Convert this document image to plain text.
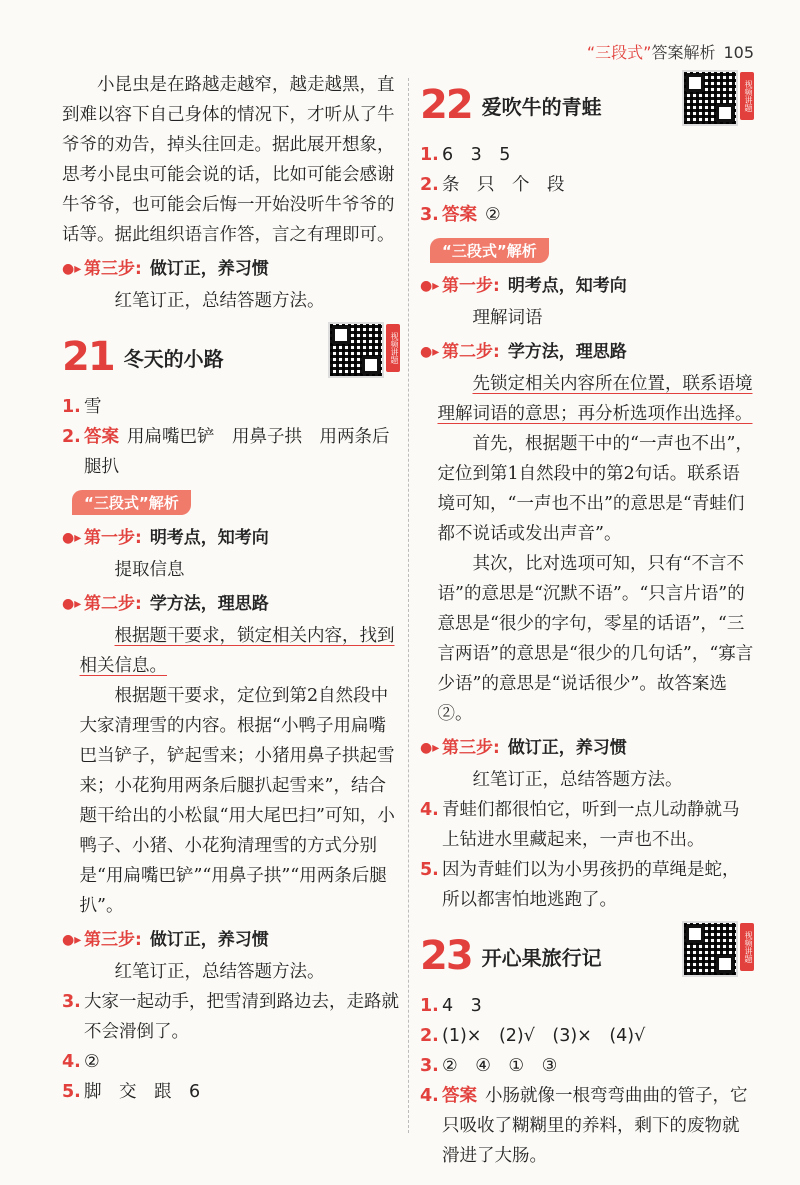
“三段式”答案解析 105

小昆虫是在路越走越窄，越走越黑，直到难以容下自己身体的情况下，才听从了牛爷爷的劝告，掉头往回走。据此展开想象，思考小昆虫可能会说的话，比如可能会感谢牛爷爷，也可能会后悔一开始没听牛爷爷的话等。据此组织语言作答，言之有理即可。

●▸ 第三步: 做订正，养习惯

红笔订正，总结答题方法。

21 冬天的小路	视频讲题
1. 雪
2. 答案 用扁嘴巴铲　用鼻子拱　用两条后腿扒
“三段式”解析
●▸ 第一步: 明考点，知考向

提取信息

●▸ 第二步: 学方法，理思路

根据题干要求，锁定相关内容，找到相关信息。

根据题干要求，定位到第2自然段中大家清理雪的内容。根据“小鸭子用扁嘴巴当铲子，铲起雪来；小猪用鼻子拱起雪来；小花狗用两条后腿扒起雪来”，结合题干给出的小松鼠“用大尾巴扫”可知，小鸭子、小猪、小花狗清理雪的方式分别是“用扁嘴巴铲”“用鼻子拱”“用两条后腿扒”。

●▸ 第三步: 做订正，养习惯

红笔订正，总结答题方法。

3. 大家一起动手，把雪清到路边去，走路就不会滑倒了。
4. ②
5. 脚　交　跟　6
22 爱吹牛的青蛙	视频讲题
1. 6　3　5
2. 条　只　个　段
3. 答案 ②
“三段式”解析
●▸ 第一步: 明考点，知考向

理解词语

●▸ 第二步: 学方法，理思路

先锁定相关内容所在位置，联系语境理解词语的意思；再分析选项作出选择。

首先，根据题干中的“一声也不出”，定位到第1自然段中的第2句话。联系语境可知，“一声也不出”的意思是“青蛙们都不说话或发出声音”。

其次，比对选项可知，只有“不言不语”的意思是“沉默不语”。“只言片语”的意思是“很少的字句，零星的话语”，“三言两语”的意思是“很少的几句话”，“寡言少语”的意思是“说话很少”。故答案选②。

●▸ 第三步: 做订正，养习惯

红笔订正，总结答题方法。

4. 青蛙们都很怕它，听到一点儿动静就马上钻进水里藏起来，一声也不出。
5. 因为青蛙们以为小男孩扔的草绳是蛇，所以都害怕地逃跑了。
23 开心果旅行记	视频讲题
1. 4　3
2. (1)×　(2)√　(3)×　(4)√
3. ②　④　①　③
4. 答案 小肠就像一根弯弯曲曲的管子，它只吸收了糊糊里的养料，剩下的废物就滑进了大肠。
